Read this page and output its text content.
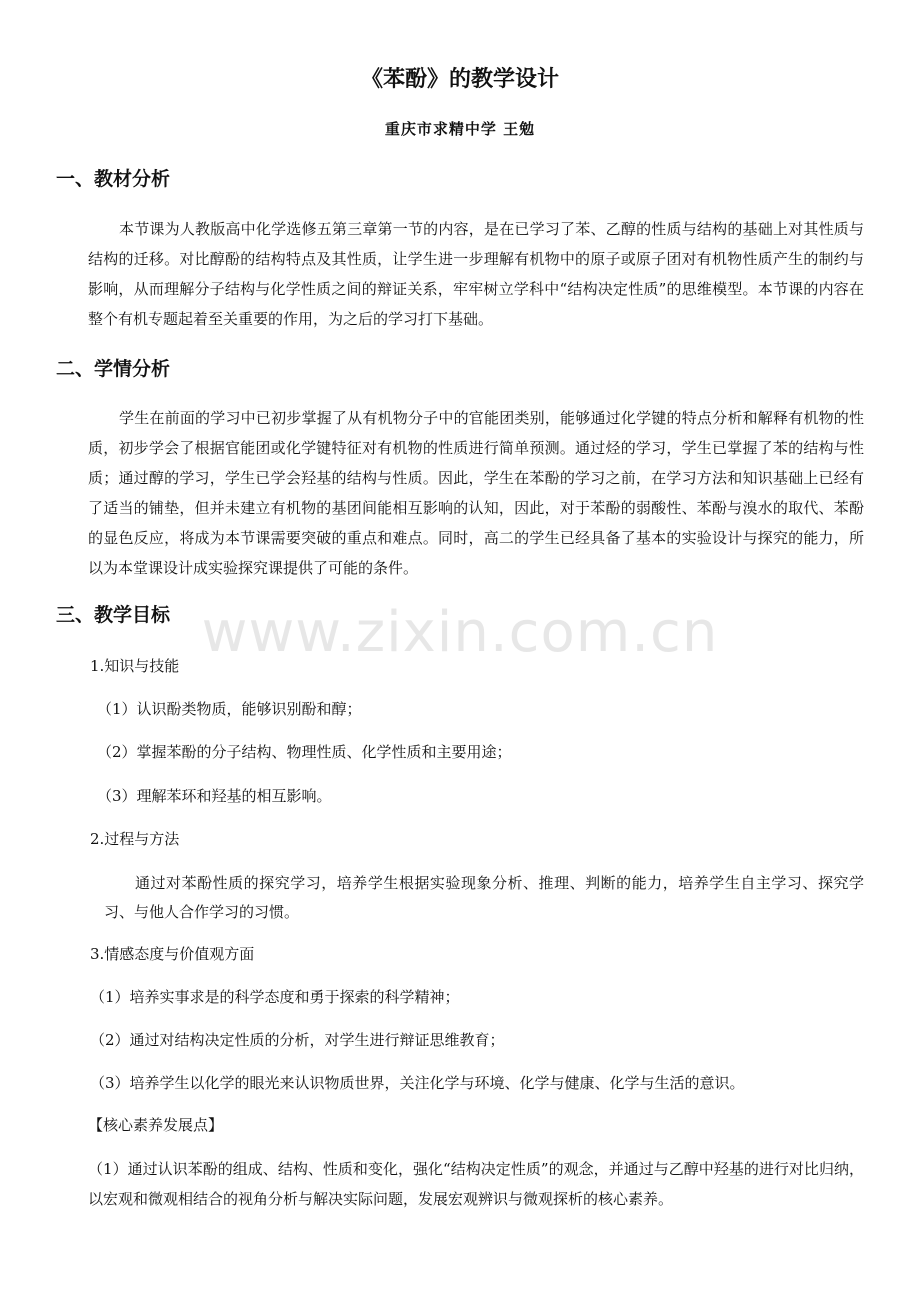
《苯酚》的教学设计
重庆市求精中学 王勉
一、教材分析
本节课为人教版高中化学选修五第三章第一节的内容，是在已学习了苯、乙醇的性质与结构的基础上对其性质与结构的迁移。对比醇酚的结构特点及其性质，让学生进一步理解有机物中的原子或原子团对有机物性质产生的制约与影响，从而理解分子结构与化学性质之间的辩证关系，牢牢树立学科中“结构决定性质”的思维模型。本节课的内容在整个有机专题起着至关重要的作用，为之后的学习打下基础。
二、学情分析
学生在前面的学习中已初步掌握了从有机物分子中的官能团类别，能够通过化学键的特点分析和解释有机物的性质，初步学会了根据官能团或化学键特征对有机物的性质进行简单预测。通过烃的学习，学生已掌握了苯的结构与性质；通过醇的学习，学生已学会羟基的结构与性质。因此，学生在苯酚的学习之前，在学习方法和知识基础上已经有了适当的铺垫，但并未建立有机物的基团间能相互影响的认知，因此，对于苯酚的弱酸性、苯酚与溴水的取代、苯酚的显色反应，将成为本节课需要突破的重点和难点。同时，高二的学生已经具备了基本的实验设计与探究的能力，所以为本堂课设计成实验探究课提供了可能的条件。
三、教学目标
1.知识与技能
（1）认识酚类物质，能够识别酚和醇；
（2）掌握苯酚的分子结构、物理性质、化学性质和主要用途；
（3）理解苯环和羟基的相互影响。
2.过程与方法
通过对苯酚性质的探究学习，培养学生根据实验现象分析、推理、判断的能力，培养学生自主学习、探究学习、与他人合作学习的习惯。
3.情感态度与价值观方面
（1）培养实事求是的科学态度和勇于探索的科学精神；
（2）通过对结构决定性质的分析，对学生进行辩证思维教育；
（3）培养学生以化学的眼光来认识物质世界，关注化学与环境、化学与健康、化学与生活的意识。
【核心素养发展点】
（1）通过认识苯酚的组成、结构、性质和变化，强化“结构决定性质”的观念，并通过与乙醇中羟基的进行对比归纳，以宏观和微观相结合的视角分析与解决实际问题，发展宏观辨识与微观探析的核心素养。
www.zixin.com.cn
